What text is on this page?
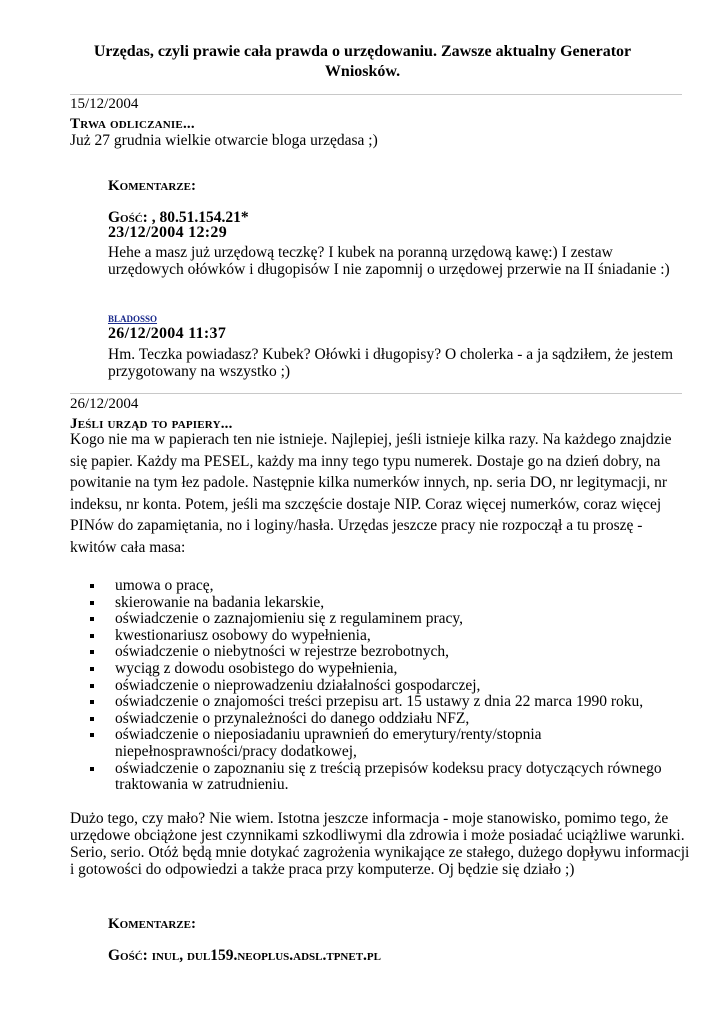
Urzędas, czyli prawie cała prawda o urzędowaniu. Zawsze aktualny Generator Wniosków.
15/12/2004
Trwa odliczanie...
Już 27 grudnia wielkie otwarcie bloga urzędasa ;)
Komentarze:
Gość: , 80.51.154.21*
23/12/2004 12:29
Hehe a masz już urzędową teczkę? I kubek na poranną urzędową kawę:) I zestaw urzędowych ołówków i długopisów I nie zapomnij o urzędowej przerwie na II śniadanie :)
bladosso
26/12/2004 11:37
Hm. Teczka powiadasz? Kubek? Ołówki i długopisy? O cholerka - a ja sądziłem, że jestem przygotowany na wszystko ;)
26/12/2004
Jeśli urząd to papiery...
Kogo nie ma w papierach ten nie istnieje. Najlepiej, jeśli istnieje kilka razy. Na każdego znajdzie się papier. Każdy ma PESEL, każdy ma inny tego typu numerek. Dostaje go na dzień dobry, na powitanie na tym łez padole. Następnie kilka numerków innych, np. seria DO, nr legitymacji, nr indeksu, nr konta. Potem, jeśli ma szczęście dostaje NIP. Coraz więcej numerków, coraz więcej PINów do zapamiętania, no i loginy/hasła. Urzędas jeszcze pracy nie rozpoczął a tu proszę - kwitów cała masa:
umowa o pracę,
skierowanie na badania lekarskie,
oświadczenie o zaznajomieniu się z regulaminem pracy,
kwestionariusz osobowy do wypełnienia,
oświadczenie o niebytności w rejestrze bezrobotnych,
wyciąg z dowodu osobistego do wypełnienia,
oświadczenie o nieprowadzeniu działalności gospodarczej,
oświadczenie o znajomości treści przepisu art. 15 ustawy z dnia 22 marca 1990 roku,
oświadczenie o przynależności do danego oddziału NFZ,
oświadczenie o nieposiadaniu uprawnień do emerytury/renty/stopnia niepełnosprawności/pracy dodatkowej,
oświadczenie o zapoznaniu się z treścią przepisów kodeksu pracy dotyczących równego traktowania w zatrudnieniu.
Dużo tego, czy mało? Nie wiem. Istotna jeszcze informacja - moje stanowisko, pomimo tego, że urzędowe obciążone jest czynnikami szkodliwymi dla zdrowia i może posiadać uciążliwe warunki. Serio, serio. Otóż będą mnie dotykać zagrożenia wynikające ze stałego, dużego dopływu informacji i gotowości do odpowiedzi a także praca przy komputerze. Oj będzie się działo ;)
Komentarze:
Gość: inul, dul159.neoplus.adsl.tpnet.pl
